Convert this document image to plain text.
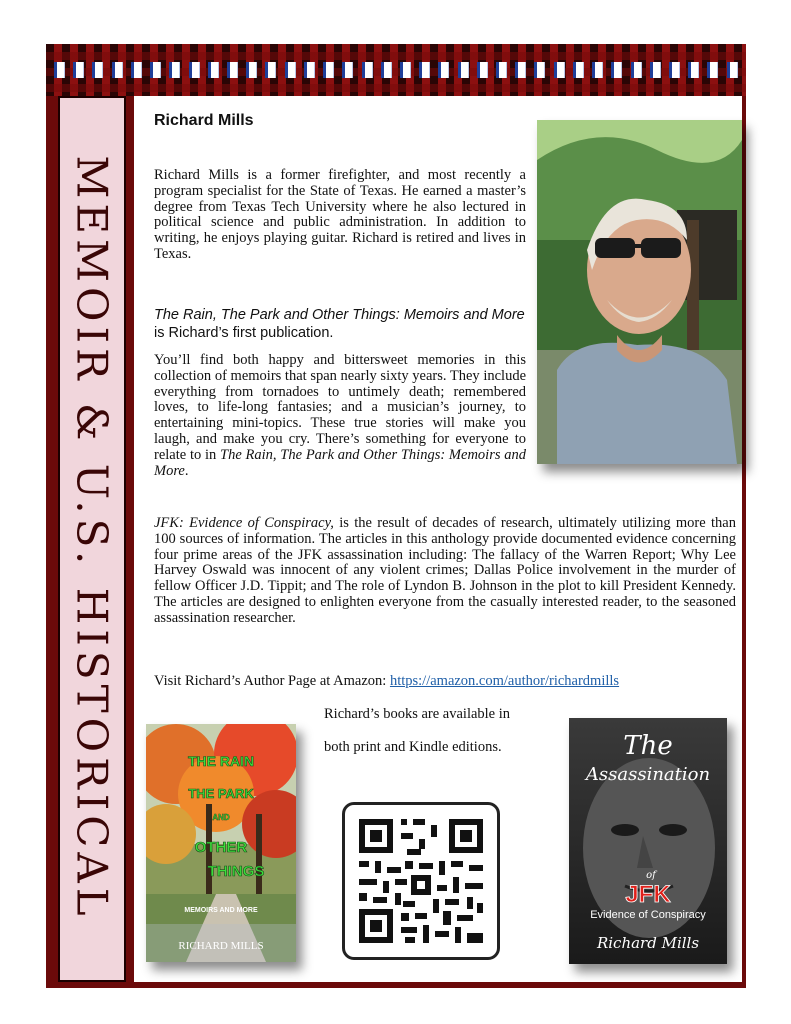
MEMOIR & U.S. HISTORICAL
Richard Mills
Richard Mills is a former firefighter, and most recently a program specialist for the State of Texas. He earned a master’s degree from Texas Tech University where he also lectured in political science and public administration. In addition to writing, he enjoys playing guitar. Richard is retired and lives in Texas.
The Rain, The Park and Other Things: Memoirs and More is Richard’s first publication.
You’ll find both happy and bittersweet memories in this collection of memoirs that span nearly sixty years. They include everything from tornadoes to untimely death; remembered loves, to life-long fantasies; and a musician’s journey, to entertaining mini-topics. These true stories will make you laugh, and make you cry. There’s something for everyone to relate to in The Rain, The Park and Other Things: Memoirs and More.
JFK: Evidence of Conspiracy, is the result of decades of research, ultimately utilizing more than 100 sources of information. The articles in this anthology provide documented evidence concerning four prime areas of the JFK assassination including: The fallacy of the Warren Report; Why Lee Harvey Oswald was innocent of any violent crimes; Dallas Police involvement in the murder of fellow Officer J.D. Tippit; and The role of Lyndon B. Johnson in the plot to kill President Kennedy. The articles are designed to enlighten everyone from the casually interested reader, to the seasoned assassination researcher.
Visit Richard’s Author Page at Amazon: https://amazon.com/author/richardmills
Richard’s books are available in
both print and Kindle editions.
THE RAIN
THE PARK
AND
OTHER
THINGS
MEMOIRS AND MORE
RICHARD MILLS
The
Assassination
of
JFK
Evidence of Conspiracy
Richard Mills
